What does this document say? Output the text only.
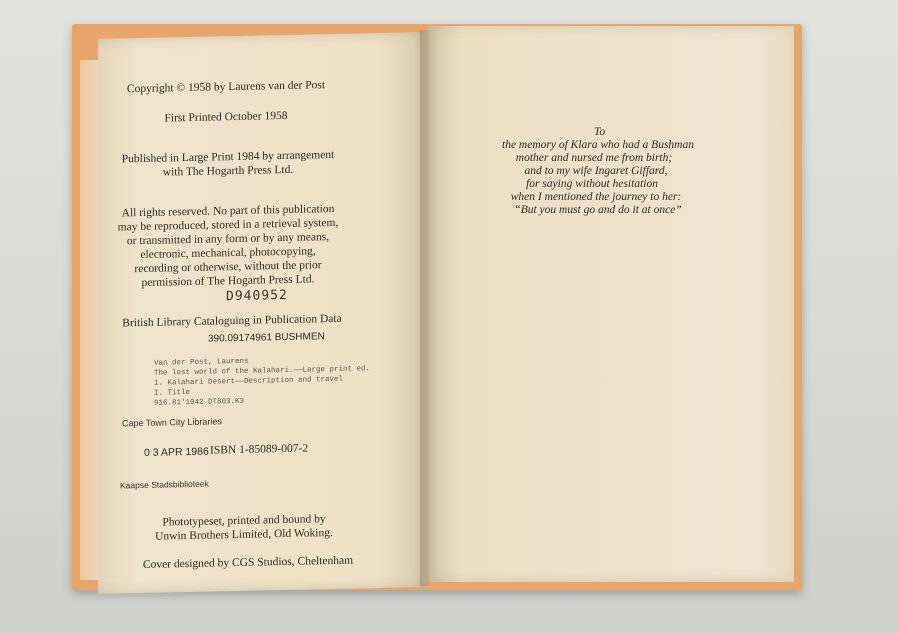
Copyright © 1958 by Laurens van der Post
First Printed October 1958
Published in Large Print 1984 by arrangement
with The Hogarth Press Ltd.
All rights reserved. No part of this publication
may be reproduced, stored in a retrieval system,
or transmitted in any form or by any means,
electronic, mechanical, photocopying,
recording or otherwise, without the prior
permission of The Hogarth Press Ltd.
D940952
British Library Cataloguing in Publication Data
390.09174961 BUSHMEN
Van der Post, Laurens
The lost world of the Kalahari.——Large print ed.
1. Kalahari Desert——Description and travel
I. Title
916.81'1042 DT803.K3
Cape Town City Libraries
0 3 APR 1986 ISBN 1-85089-007-2
Kaapse Stadsbiblioteek
Phototypeset, printed and bound by
Unwin Brothers Limited, Old Woking.
Cover designed by CGS Studios, Cheltenham
To
the memory of Klara who had a Bushman
mother and nursed me from birth;
and to my wife Ingaret Giffard,
for saying without hesitation
when I mentioned the journey to her:
“But you must go and do it at once”
